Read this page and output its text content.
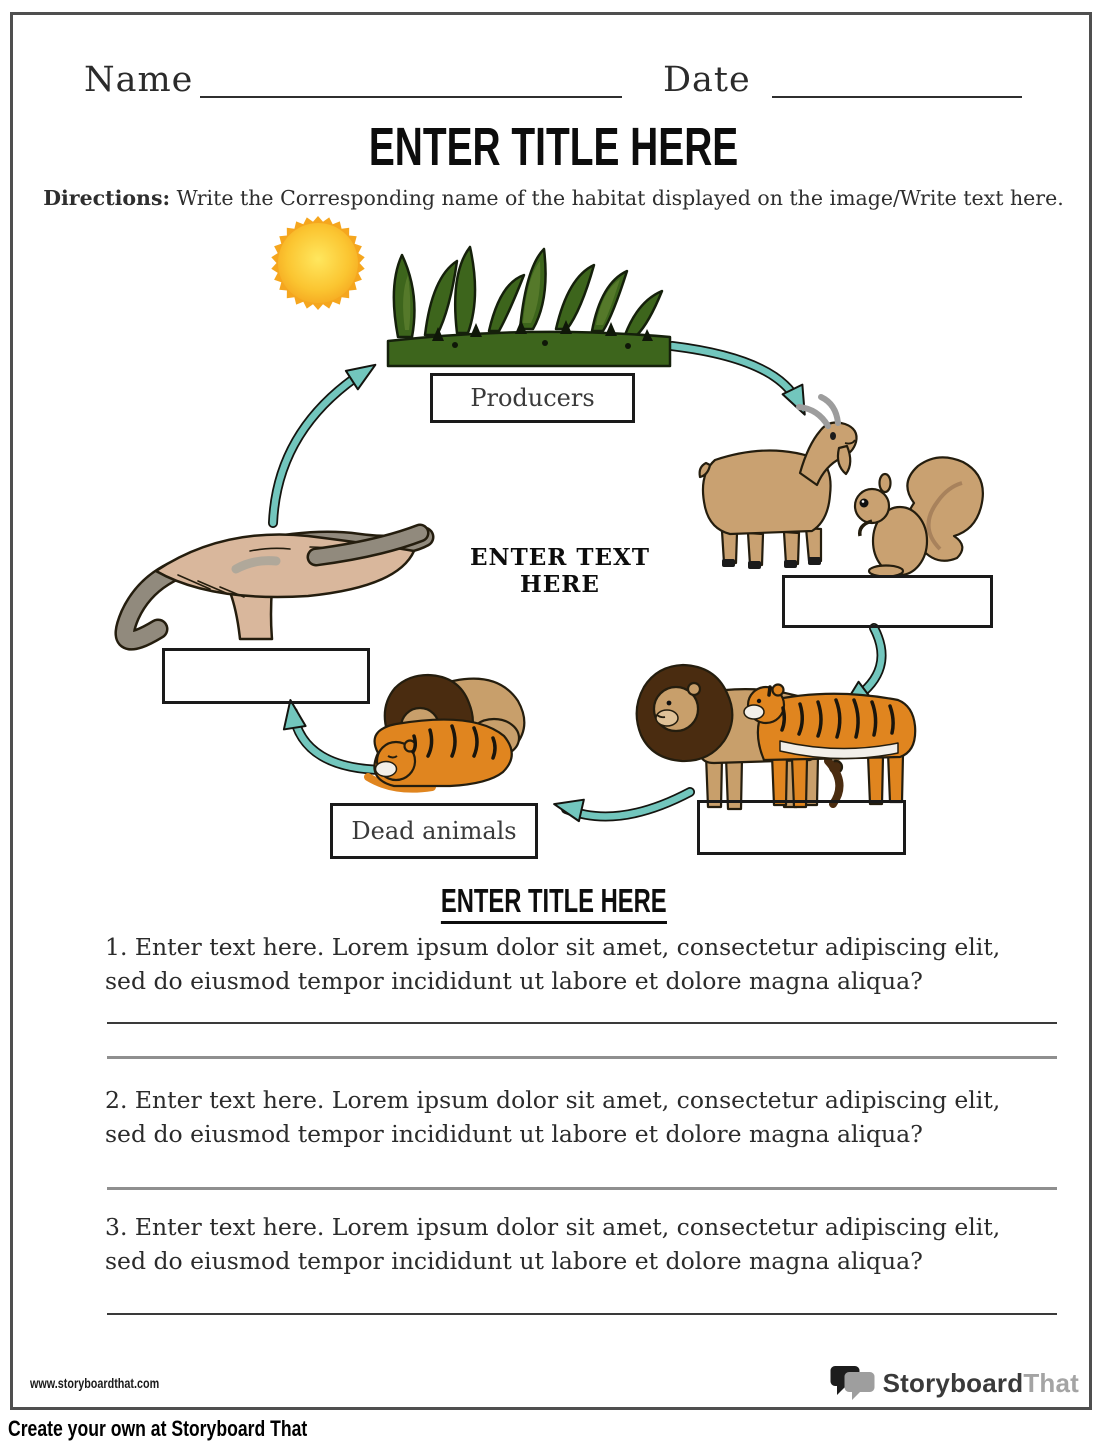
Name	Date
ENTER TITLE HERE
Directions: Write the Corresponding name of the habitat displayed on the image/Write text here.
Producers
Dead animals
ENTER TEXT HERE
ENTER TITLE HERE
1. Enter text here. Lorem ipsum dolor sit amet, consectetur adipiscing elit, sed do eiusmod tempor incididunt ut labore et dolore magna aliqua?
2. Enter text here. Lorem ipsum dolor sit amet, consectetur adipiscing elit, sed do eiusmod tempor incididunt ut labore et dolore magna aliqua?
3. Enter text here. Lorem ipsum dolor sit amet, consectetur adipiscing elit, sed do eiusmod tempor incididunt ut labore et dolore magna aliqua?
www.storyboardthat.com	StoryboardThat
Create your own at Storyboard That
